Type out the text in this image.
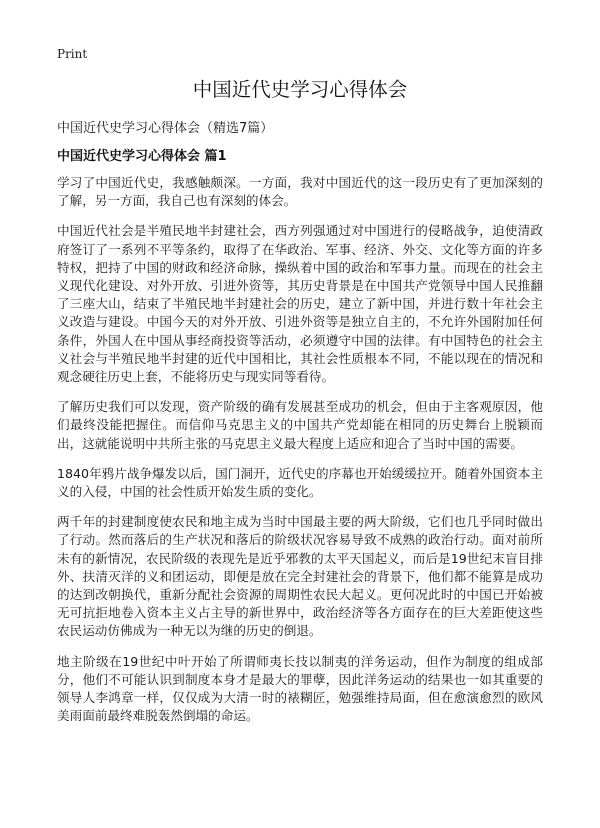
Print
中国近代史学习心得体会

中国近代史学习心得体会（精选7篇）

中国近代史学习心得体会 篇1

学习了中国近代史，我感触颇深。一方面，我对中国近代的这一段历史有了更加深刻的了解，另一方面，我自己也有深刻的体会。

中国近代社会是半殖民地半封建社会，西方列强通过对中国进行的侵略战争，迫使清政府签订了一系列不平等条约，取得了在华政治、军事、经济、外交、文化等方面的许多特权，把持了中国的财政和经济命脉，操纵着中国的政治和军事力量。而现在的社会主义现代化建设、对外开放、引进外资等，其历史背景是在中国共产党领导中国人民推翻了三座大山，结束了半殖民地半封建社会的历史，建立了新中国，并进行数十年社会主义改造与建设。中国今天的对外开放、引进外资等是独立自主的，不允许外国附加任何条件，外国人在中国从事经商投资等活动，必须遵守中国的法律。有中国特色的社会主义社会与半殖民地半封建的近代中国相比，其社会性质根本不同，不能以现在的情况和观念硬往历史上套，不能将历史与现实同等看待。

了解历史我们可以发现，资产阶级的确有发展甚至成功的机会，但由于主客观原因，他们最终没能把握住。而信仰马克思主义的中国共产党却能在相同的历史舞台上脱颖而出，这就能说明中共所主张的马克思主义最大程度上适应和迎合了当时中国的需要。

1840年鸦片战争爆发以后，国门洞开，近代史的序幕也开始缓缓拉开。随着外国资本主义的入侵，中国的社会性质开始发生质的变化。

两千年的封建制度使农民和地主成为当时中国最主要的两大阶级，它们也几乎同时做出了行动。然而落后的生产状况和落后的阶级状况容易导致不成熟的政治行动。面对前所未有的新情况，农民阶级的表现先是近乎邪教的太平天国起义，而后是19世纪末盲目排外、扶清灭洋的义和团运动，即便是放在完全封建社会的背景下，他们都不能算是成功的达到改朝换代，重新分配社会资源的周期性农民大起义。更何况此时的中国已开始被无可抗拒地卷入资本主义占主导的新世界中，政治经济等各方面存在的巨大差距使这些农民运动仿佛成为一种无以为继的历史的倒退。

地主阶级在19世纪中叶开始了所谓师夷长技以制夷的洋务运动，但作为制度的组成部分，他们不可能认识到制度本身才是最大的罪孽，因此洋务运动的结果也一如其重要的领导人李鸿章一样，仅仅成为大清一时的裱糊匠，勉强维持局面，但在愈演愈烈的欧风美雨面前最终难脱轰然倒塌的命运。
